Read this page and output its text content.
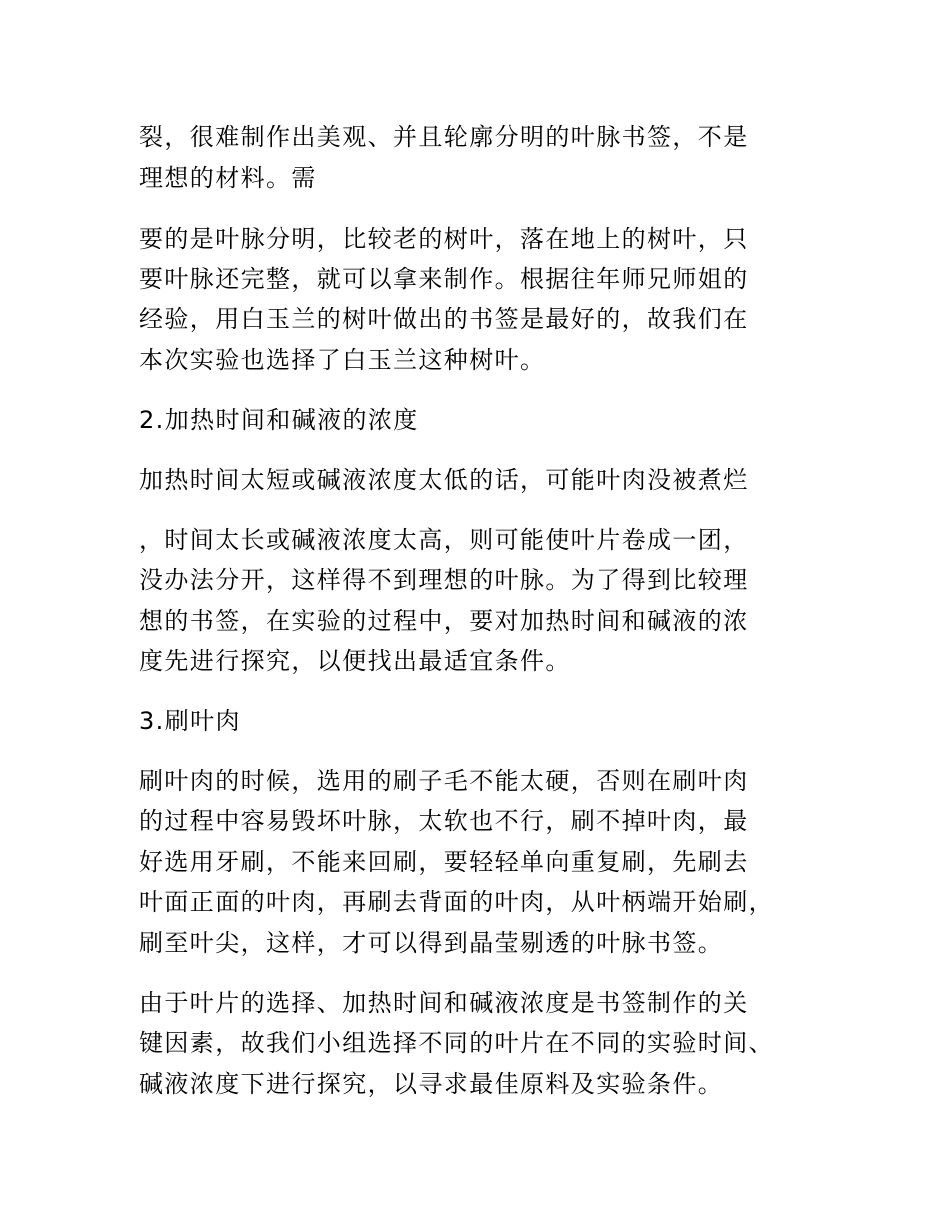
裂，很难制作出美观、并且轮廓分明的叶脉书签，不是
理想的材料。需
要的是叶脉分明，比较老的树叶，落在地上的树叶，只
要叶脉还完整，就可以拿来制作。根据往年师兄师姐的
经验，用白玉兰的树叶做出的书签是最好的，故我们在
本次实验也选择了白玉兰这种树叶。
2.加热时间和碱液的浓度
加热时间太短或碱液浓度太低的话，可能叶肉没被煮烂
，时间太长或碱液浓度太高，则可能使叶片卷成一团，
没办法分开，这样得不到理想的叶脉。为了得到比较理
想的书签，在实验的过程中，要对加热时间和碱液的浓
度先进行探究，以便找出最适宜条件。
3.刷叶肉
刷叶肉的时候，选用的刷子毛不能太硬，否则在刷叶肉
的过程中容易毁坏叶脉，太软也不行，刷不掉叶肉，最
好选用牙刷，不能来回刷，要轻轻单向重复刷，先刷去
叶面正面的叶肉，再刷去背面的叶肉，从叶柄端开始刷，
刷至叶尖，这样，才可以得到晶莹剔透的叶脉书签。
由于叶片的选择、加热时间和碱液浓度是书签制作的关
键因素，故我们小组选择不同的叶片在不同的实验时间、
碱液浓度下进行探究，以寻求最佳原料及实验条件。
